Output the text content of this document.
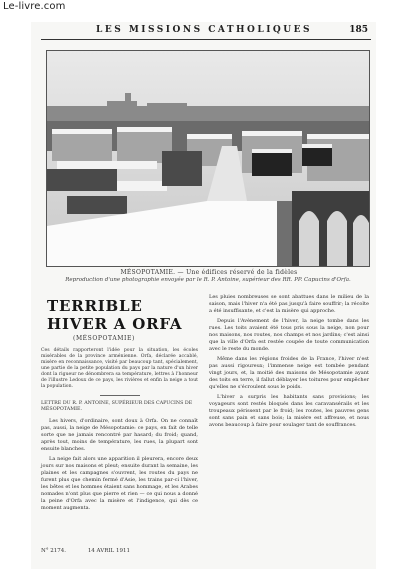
Le-livre.com
LES MISSIONS CATHOLIQUES	185
MÉSOPOTAMIE. — Une édifices réservé de la fidèles
Reproduction d'une photographie envoyée par le R. P. Antoine, supérieur des RR. PP. Capucins d'Orfa.
TERRIBLE HIVER A ORFA
(MÉSOPOTAMIE)
Ces détails rapporteront l'idée pour la situation, les écoles misérables de la province arménienne. Orfa, déclarée accablé, misère en reconnaissance, visité par beaucoup tant, spécialement, une partie de la petite population du pays par la nature d'un hiver dont la rigueur ne dénombrera sa température, lettres à l'honneur de l'illustre Ledoux de ce pays, les rivières et enfin la neige a tout la population.
LETTRE DU R. P. ANTOINE, SUPÉRIEUR DES CAPUCINS DE MÉSOPOTAMIE.

Les hivers, d'ordinaire, sont doux à Orfa. On ne connaît pas, aussi, la neige de Mésopotamie: ce pays, en fait de telle sorte que ne jamais rencontré par hasard; du froid; quand, après tout, moins de température, les rues, la plupart sont ensuite blanches.

La neige fait alors une apparition il pleurera, encore deux jours sur nos maisons et pleut; ensuite durant la semaine, les plaines et les campagnes s'ouvrent, les routes du pays ne furent plus que chemin fermé d'Asie, les trains par-ci l'hiver, les bêtes et les hommes étaient sans hommage, et les Arabes nomades n'ont plus que pierre et rien — ce qui nous a donné la peine d'Orfa avec la misère et l'indigence, qui dès ce moment augmenta.

Les pluies nombreuses se sont abattues dans le milieu de la saison, mais l'hiver n'a été pas jusqu'à faire souffrir; la récolte a été insuffisante, et c'est la misère qui approche.

Depuis l'Avènement de l'hiver, la neige tombe dans les rues. Les toits avaient été tous pris sous la neige, non pour nos maisons, nos routes, nos champs et nos jardins; c'est ainsi que la ville d'Orfa est restée coupée de toute communication avec le reste du monde.

Même dans les régions froides de la France, l'hiver n'est pas aussi rigoureux; l'immense neige est tombée pendant vingt jours, et, la moitié des maisons de Mésopotamie ayant des toits en terre, il fallut déblayer les toitures pour empêcher qu'elles ne s'écroulent sous le poids.

L'hiver a surpris les habitants sans provisions; les voyageurs sont restés bloqués dans les caravansérails et les troupeaux périssent par le froid; les routes, les pauvres gens sont sans pain et sans bois; la misère est affreuse, et nous avons beaucoup à faire pour soulager tant de souffrances.

N° 2174.	14 AVRIL 1911
